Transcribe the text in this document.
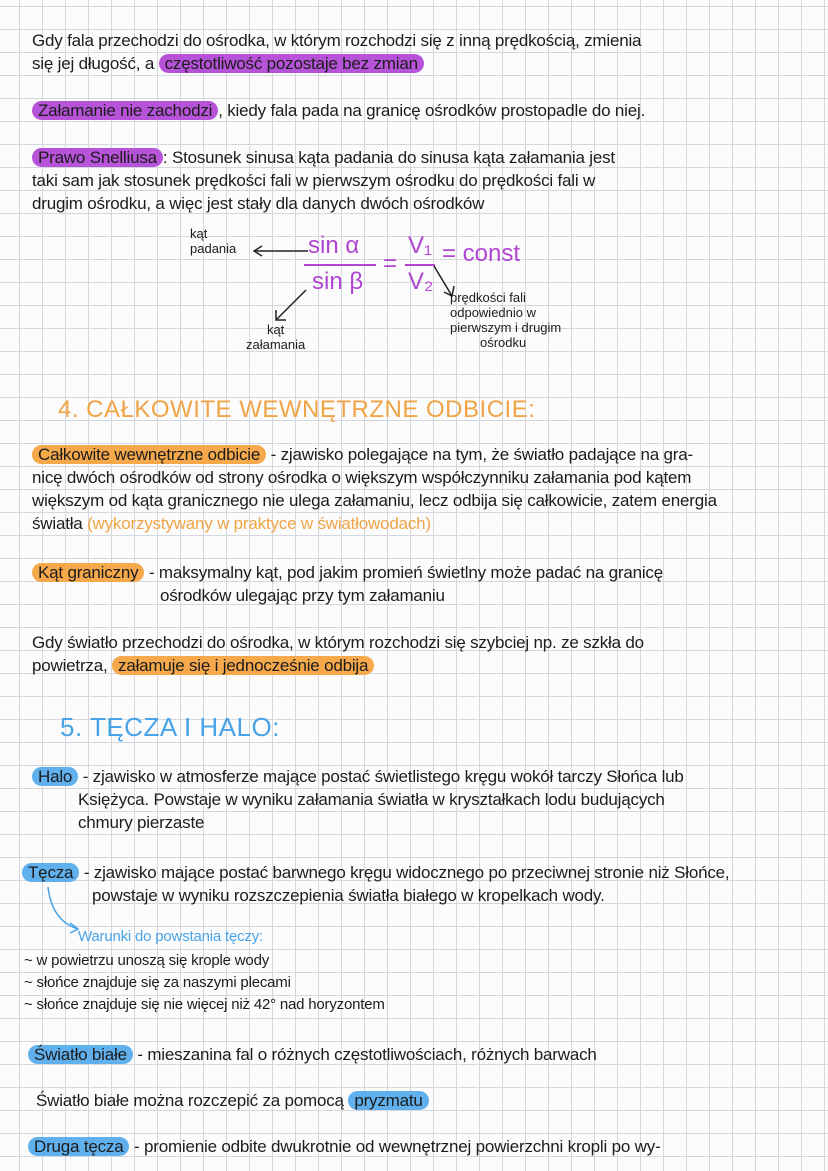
Gdy fala przechodzi do ośrodka, w którym rozchodzi się z inną prędkością, zmienia
się jej długość, a częstotliwość pozostaje bez zmian
Załamanie nie zachodzi , kiedy fala pada na granicę ośrodków prostopadle do niej.
Prawo Snelliusa : Stosunek sinusa kąta padania do sinusa kąta załamania jest
taki sam jak stosunek prędkości fali w pierwszym ośrodku do prędkości fali w
drugim ośrodku, a więc jest stały dla danych dwóch ośrodków
kąt
padania	sin α
sin β
=
V₁
V₂
= const
kąt
załamania
prędkości fali
odpowiednio w
pierwszym i drugim
ośrodku
4. CAŁKOWITE WEWNĘTRZNE ODBICIE:
Całkowite wewnętrzne odbicie - zjawisko polegające na tym, że światło padające na gra-
nicę dwóch ośrodków od strony ośrodka o większym współczynniku załamania pod kątem
większym od kąta granicznego nie ulega załamaniu, lecz odbija się całkowicie, zatem energia
światła (wykorzystywany w praktyce w światłowodach)
Kąt graniczny - maksymalny kąt, pod jakim promień świetlny może padać na granicę
ośrodków ulegając przy tym załamaniu
Gdy światło przechodzi do ośrodka, w którym rozchodzi się szybciej np. ze szkła do
powietrza, załamuje się i jednocześnie odbija
5. TĘCZA I HALO:
Halo - zjawisko w atmosferze mające postać świetlistego kręgu wokół tarczy Słońca lub
Księżyca. Powstaje w wyniku załamania światła w kryształkach lodu budujących
chmury pierzaste
Tęcza - zjawisko mające postać barwnego kręgu widocznego po przeciwnej stronie niż Słońce,
powstaje w wyniku rozszczepienia światła białego w kropelkach wody.
Warunki do powstania tęczy:
~ w powietrzu unoszą się krople wody
~ słońce znajduje się za naszymi plecami
~ słońce znajduje się nie więcej niż 42° nad horyzontem
Światło białe - mieszanina fal o różnych częstotliwościach, różnych barwach
Światło białe można rozczepić za pomocą pryzmatu
Druga tęcza - promienie odbite dwukrotnie od wewnętrznej powierzchni kropli po wy-
